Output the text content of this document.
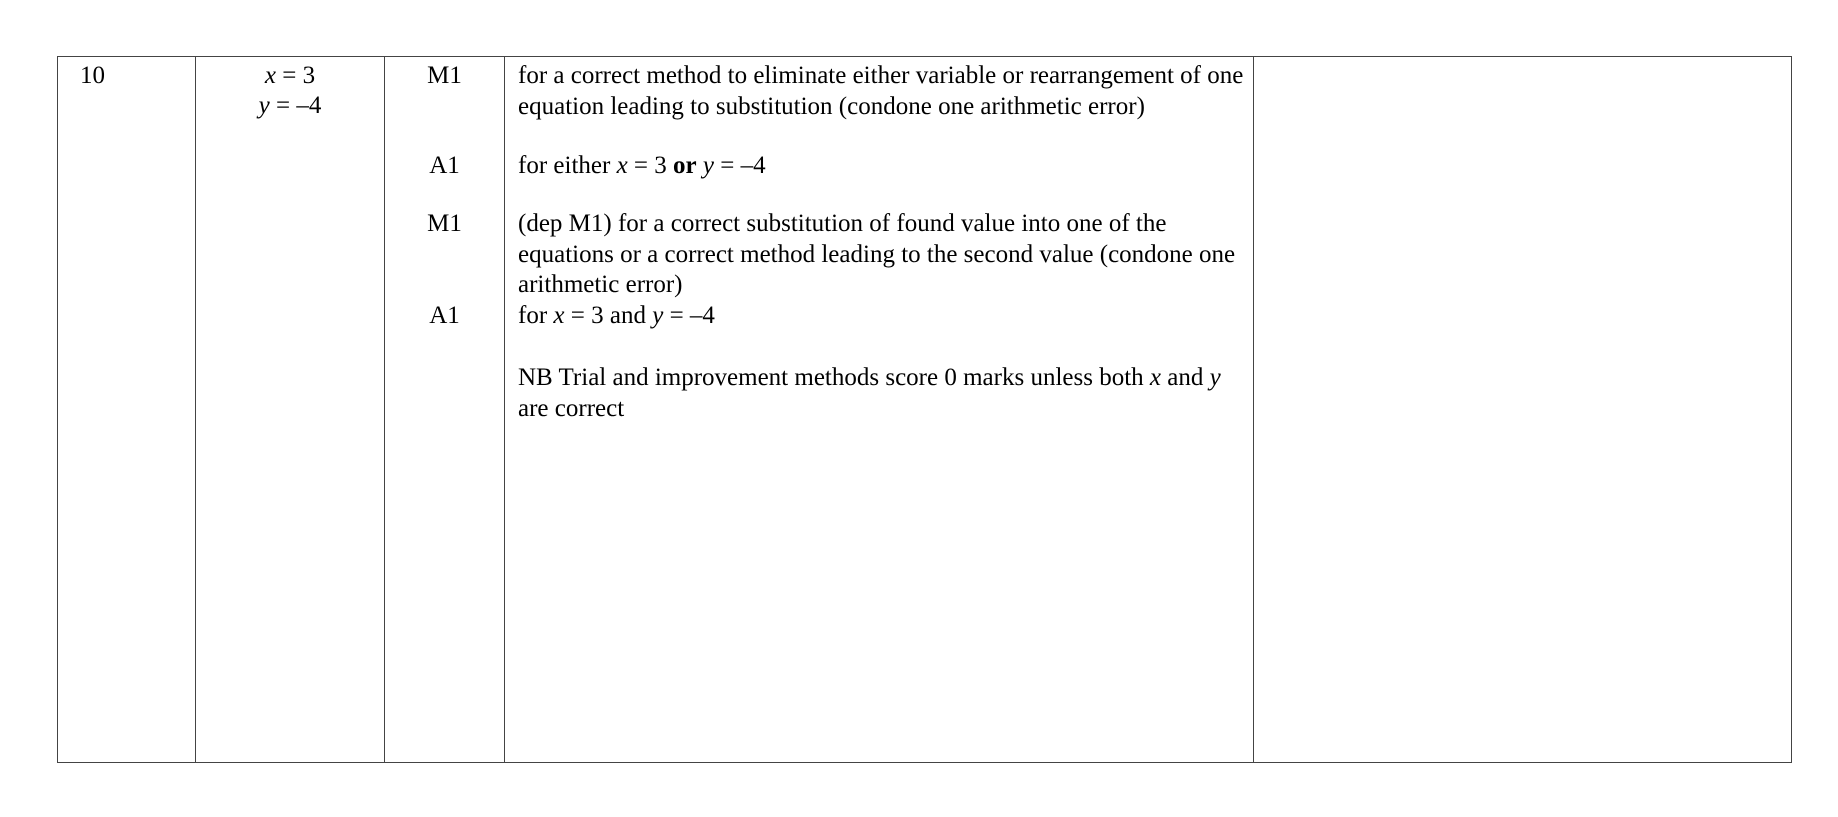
10	x = 3
y = –4
M1
A1
M1
A1
for a correct method to eliminate either variable or rearrangement of one equation leading to substitution (condone one arithmetic error)
for either x = 3 or y = –4
(dep M1) for a correct substitution of found value into one of the equations or a correct method leading to the second value (condone one arithmetic error)
for x = 3 and y = –4
NB Trial and improvement methods score 0 marks unless both x and y are correct
